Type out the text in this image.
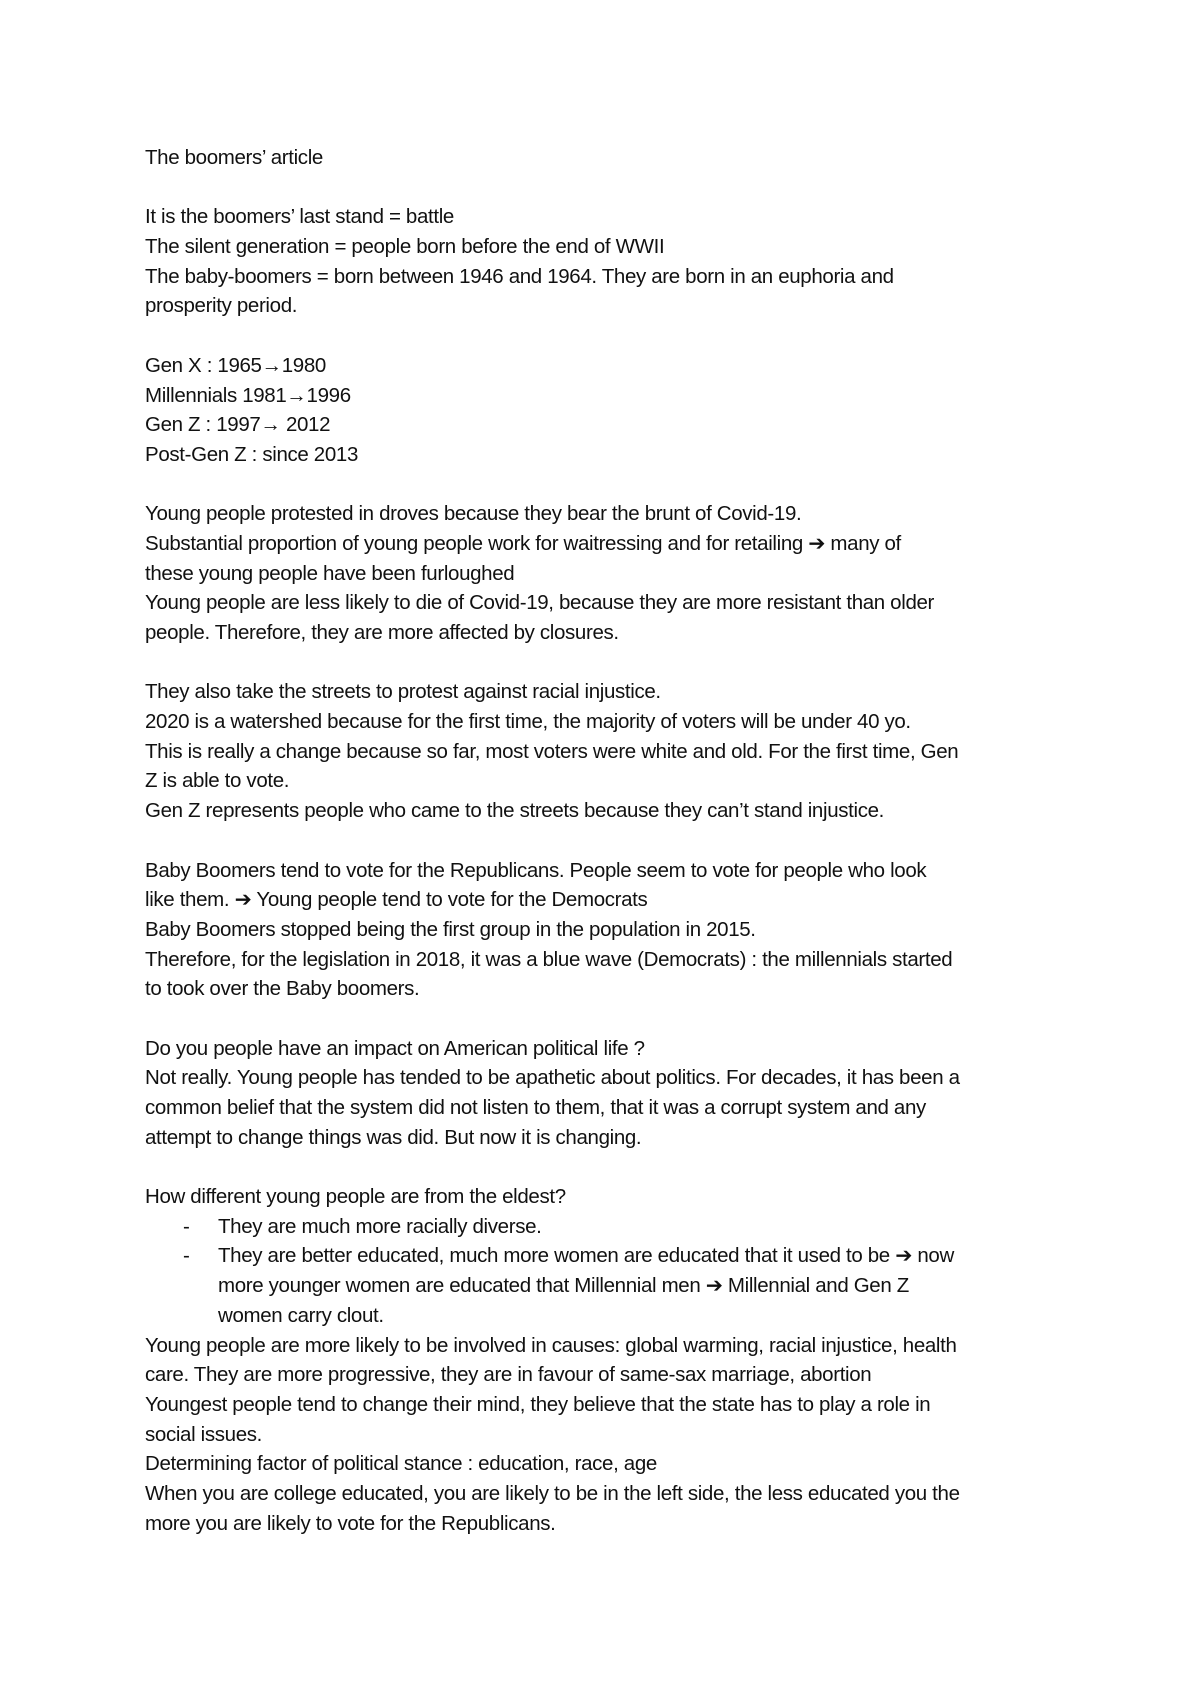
The boomers’ article

It is the boomers’ last stand = battle

The silent generation = people born before the end of WWII

The baby-boomers = born between 1946 and 1964. They are born in an euphoria and

prosperity period.

Gen X : 1965→1980

Millennials 1981→1996

Gen Z : 1997→ 2012

Post-Gen Z : since 2013

Young people protested in droves because they bear the brunt of Covid-19.

Substantial proportion of young people work for waitressing and for retailing ➔ many of

these young people have been furloughed

Young people are less likely to die of Covid-19, because they are more resistant than older

people. Therefore, they are more affected by closures.

They also take the streets to protest against racial injustice.

2020 is a watershed because for the first time, the majority of voters will be under 40 yo.

This is really a change because so far, most voters were white and old. For the first time, Gen

Z is able to vote.

Gen Z represents people who came to the streets because they can’t stand injustice.

Baby Boomers tend to vote for the Republicans. People seem to vote for people who look

like them. ➔ Young people tend to vote for the Democrats

Baby Boomers stopped being the first group in the population in 2015.

Therefore, for the legislation in 2018, it was a blue wave (Democrats) : the millennials started

to took over the Baby boomers.

Do you people have an impact on American political life ?

Not really. Young people has tended to be apathetic about politics. For decades, it has been a

common belief that the system did not listen to them, that it was a corrupt system and any

attempt to change things was did. But now it is changing.

How different young people are from the eldest?

- They are much more racially diverse.

- They are better educated, much more women are educated that it used to be ➔ now

more younger women are educated that Millennial men ➔ Millennial and Gen Z

women carry clout.

Young people are more likely to be involved in causes: global warming, racial injustice, health

care. They are more progressive, they are in favour of same-sax marriage, abortion

Youngest people tend to change their mind, they believe that the state has to play a role in

social issues.

Determining factor of political stance : education, race, age

When you are college educated, you are likely to be in the left side, the less educated you the

more you are likely to vote for the Republicans.
